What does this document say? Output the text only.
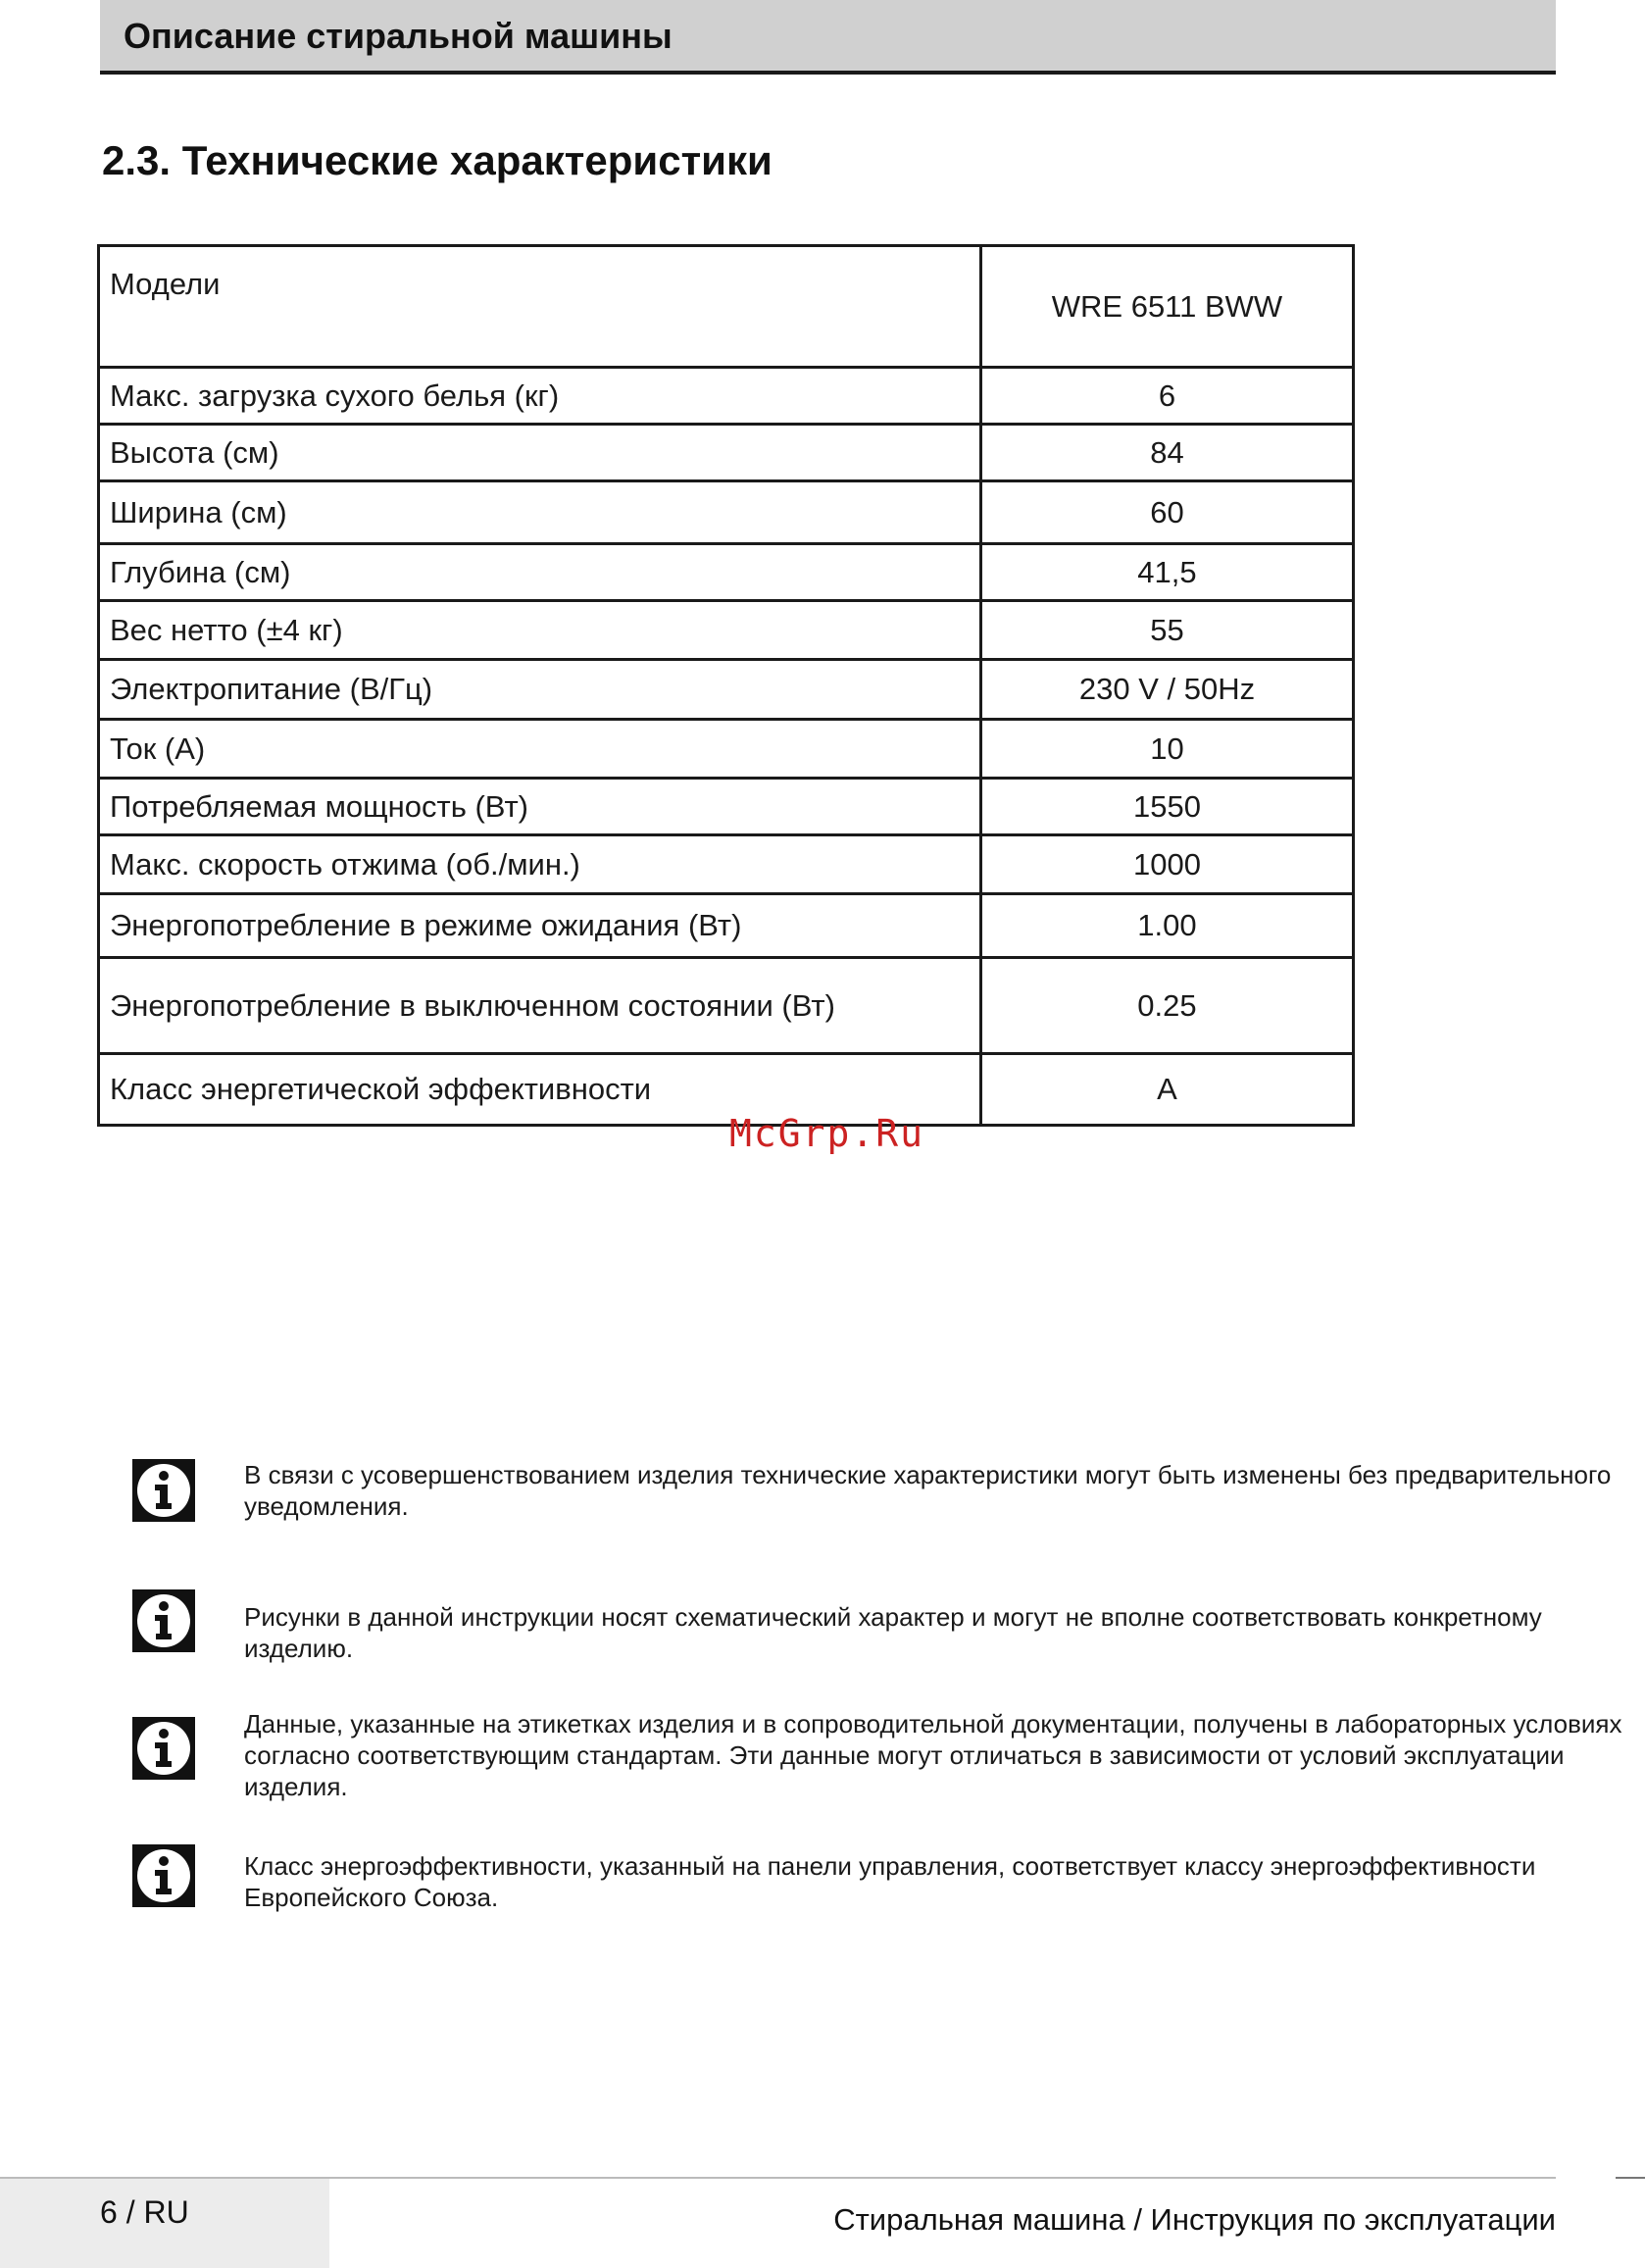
Описание стиральной машины
2.3. Технические характеристики
Модели	WRE 6511 BWW
Макс. загрузка сухого белья (кг)	6
Высота (см)	84
Ширина (см)	60
Глубина (см)	41,5
Вес нетто (±4 кг)	55
Электропитание (В/Гц)	230 V / 50Hz
Ток (А)	10
Потребляемая мощность (Вт)	1550
Макс. скорость отжима (об./мин.)	1000
Энергопотребление в режиме ожидания (Вт)	1.00
Энергопотребление в выключенном состоянии (Вт)	0.25
Класс энергетической эффективности	A
McGrp.Ru
В связи с усовершенствованием изделия технические характеристики могут быть изменены без предварительного уведомления.
Рисунки в данной инструкции носят схематический характер и могут не вполне соответствовать конкретному изделию.
Данные, указанные на этикетках изделия и в сопроводительной документации, получены в лабораторных условиях согласно соответствующим стандартам. Эти данные могут отличаться в зависимости от условий эксплуатации изделия.
Класс энергоэффективности, указанный на панели управления, соответствует классу энергоэффективности Европейского Союза.
6 / RU	Стиральная машина / Инструкция по эксплуатации
